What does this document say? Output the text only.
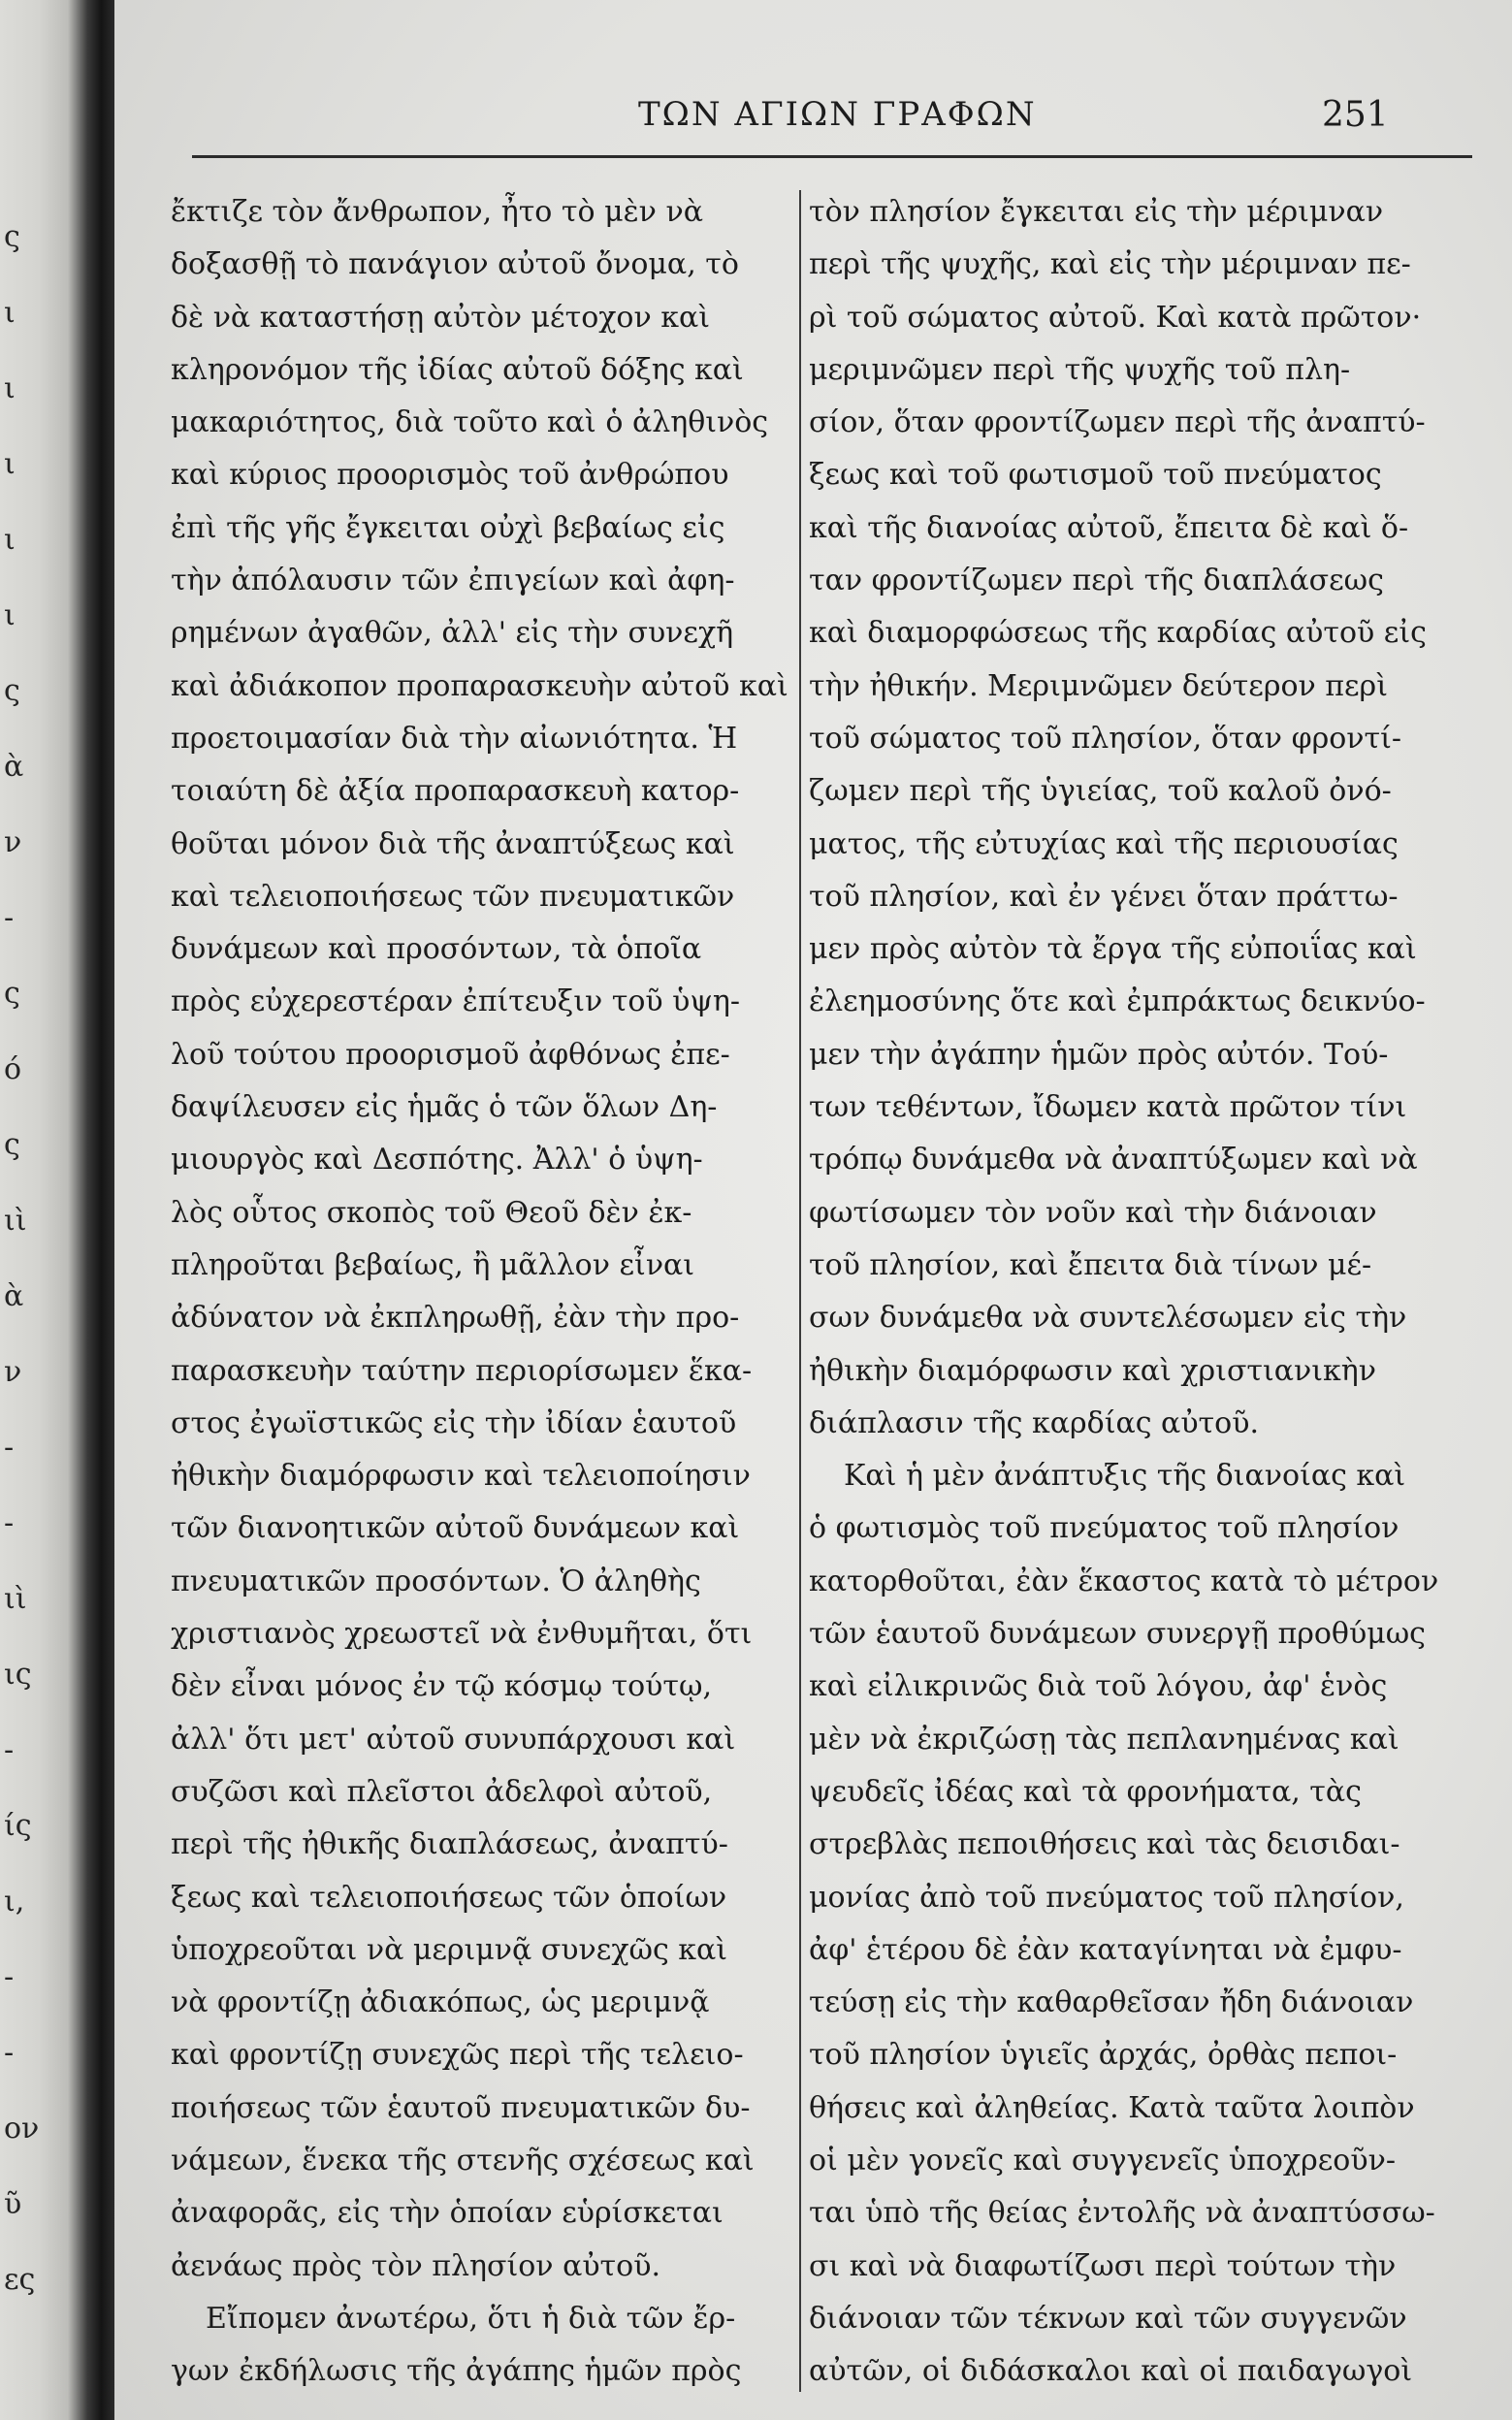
ς
ι
ι
ι
ι
ι
ς
ὰ
ν
-
ς
ό
ς
ιὶ
ὰ
ν
-
-
ιὶ
ις
-
ίς
ι,
-
-
ον
ῦ
ες
ΤΩΝ ΑΓΙΩΝ ΓΡΑΦΩΝ	251
ἔκτιζε τὸν ἄνθρωπον, ἦτο τὸ μὲν νὰ
δοξασθῇ τὸ πανάγιον αὐτοῦ ὄνομα, τὸ
δὲ νὰ καταστήσῃ αὐτὸν μέτοχον καὶ
κληρονόμον τῆς ἰδίας αὐτοῦ δόξης καὶ
μακαριότητος, διὰ τοῦτο καὶ ὁ ἀληθινὸς
καὶ κύριος προορισμὸς τοῦ ἀνθρώπου
ἐπὶ τῆς γῆς ἔγκειται οὐχὶ βεβαίως εἰς
τὴν ἀπόλαυσιν τῶν ἐπιγείων καὶ ἀφη-
ρημένων ἀγαθῶν, ἀλλ' εἰς τὴν συνεχῆ
καὶ ἀδιάκοπον προπαρασκευὴν αὐτοῦ καὶ
προετοιμασίαν διὰ τὴν αἰωνιότητα. Ἡ
τοιαύτη δὲ ἀξία προπαρασκευὴ κατορ-
θοῦται μόνον διὰ τῆς ἀναπτύξεως καὶ
καὶ τελειοποιήσεως τῶν πνευματικῶν
δυνάμεων καὶ προσόντων, τὰ ὁποῖα
πρὸς εὐχερεστέραν ἐπίτευξιν τοῦ ὑψη-
λοῦ τούτου προορισμοῦ ἀφθόνως ἐπε-
δαψίλευσεν εἰς ἡμᾶς ὁ τῶν ὅλων Δη-
μιουργὸς καὶ Δεσπότης. Ἀλλ' ὁ ὑψη-
λὸς οὗτος σκοπὸς τοῦ Θεοῦ δὲν ἐκ-
πληροῦται βεβαίως, ἢ μᾶλλον εἶναι
ἀδύνατον νὰ ἐκπληρωθῇ, ἐὰν τὴν προ-
παρασκευὴν ταύτην περιορίσωμεν ἕκα-
στος ἐγωϊστικῶς εἰς τὴν ἰδίαν ἑαυτοῦ
ἠθικὴν διαμόρφωσιν καὶ τελειοποίησιν
τῶν διανοητικῶν αὐτοῦ δυνάμεων καὶ
πνευματικῶν προσόντων. Ὁ ἀληθὴς
χριστιανὸς χρεωστεῖ νὰ ἐνθυμῆται, ὅτι
δὲν εἶναι μόνος ἐν τῷ κόσμῳ τούτῳ,
ἀλλ' ὅτι μετ' αὐτοῦ συνυπάρχουσι καὶ
συζῶσι καὶ πλεῖστοι ἀδελφοὶ αὐτοῦ,
περὶ τῆς ἠθικῆς διαπλάσεως, ἀναπτύ-
ξεως καὶ τελειοποιήσεως τῶν ὁποίων
ὑποχρεοῦται νὰ μεριμνᾷ συνεχῶς καὶ
νὰ φροντίζῃ ἀδιακόπως, ὡς μεριμνᾷ
καὶ φροντίζῃ συνεχῶς περὶ τῆς τελειο-
ποιήσεως τῶν ἑαυτοῦ πνευματικῶν δυ-
νάμεων, ἕνεκα τῆς στενῆς σχέσεως καὶ
ἀναφορᾶς, εἰς τὴν ὁποίαν εὑρίσκεται
ἀενάως πρὸς τὸν πλησίον αὐτοῦ.
Εἴπομεν ἀνωτέρω, ὅτι ἡ διὰ τῶν ἔρ-
γων ἐκδήλωσις τῆς ἀγάπης ἡμῶν πρὸς
τὸν πλησίον ἔγκειται εἰς τὴν μέριμναν
περὶ τῆς ψυχῆς, καὶ εἰς τὴν μέριμναν πε-
ρὶ τοῦ σώματος αὐτοῦ. Καὶ κατὰ πρῶτον·
μεριμνῶμεν περὶ τῆς ψυχῆς τοῦ πλη-
σίον, ὅταν φροντίζωμεν περὶ τῆς ἀναπτύ-
ξεως καὶ τοῦ φωτισμοῦ τοῦ πνεύματος
καὶ τῆς διανοίας αὐτοῦ, ἔπειτα δὲ καὶ ὅ-
ταν φροντίζωμεν περὶ τῆς διαπλάσεως
καὶ διαμορφώσεως τῆς καρδίας αὐτοῦ εἰς
τὴν ἠθικήν. Μεριμνῶμεν δεύτερον περὶ
τοῦ σώματος τοῦ πλησίον, ὅταν φροντί-
ζωμεν περὶ τῆς ὑγιείας, τοῦ καλοῦ ὀνό-
ματος, τῆς εὐτυχίας καὶ τῆς περιουσίας
τοῦ πλησίον, καὶ ἐν γένει ὅταν πράττω-
μεν πρὸς αὐτὸν τὰ ἔργα τῆς εὐποιΐας καὶ
ἐλεημοσύνης ὅτε καὶ ἐμπράκτως δεικνύο-
μεν τὴν ἀγάπην ἡμῶν πρὸς αὐτόν. Τού-
των τεθέντων, ἴδωμεν κατὰ πρῶτον τίνι
τρόπῳ δυνάμεθα νὰ ἀναπτύξωμεν καὶ νὰ
φωτίσωμεν τὸν νοῦν καὶ τὴν διάνοιαν
τοῦ πλησίον, καὶ ἔπειτα διὰ τίνων μέ-
σων δυνάμεθα νὰ συντελέσωμεν εἰς τὴν
ἠθικὴν διαμόρφωσιν καὶ χριστιανικὴν
διάπλασιν τῆς καρδίας αὐτοῦ.
Καὶ ἡ μὲν ἀνάπτυξις τῆς διανοίας καὶ
ὁ φωτισμὸς τοῦ πνεύματος τοῦ πλησίον
κατορθοῦται, ἐὰν ἕκαστος κατὰ τὸ μέτρον
τῶν ἑαυτοῦ δυνάμεων συνεργῇ προθύμως
καὶ εἰλικρινῶς διὰ τοῦ λόγου, ἀφ' ἑνὸς
μὲν νὰ ἐκριζώσῃ τὰς πεπλανημένας καὶ
ψευδεῖς ἰδέας καὶ τὰ φρονήματα, τὰς
στρεβλὰς πεποιθήσεις καὶ τὰς δεισιδαι-
μονίας ἀπὸ τοῦ πνεύματος τοῦ πλησίον,
ἀφ' ἑτέρου δὲ ἐὰν καταγίνηται νὰ ἐμφυ-
τεύσῃ εἰς τὴν καθαρθεῖσαν ἤδη διάνοιαν
τοῦ πλησίον ὑγιεῖς ἀρχάς, ὀρθὰς πεποι-
θήσεις καὶ ἀληθείας. Κατὰ ταῦτα λοιπὸν
οἱ μὲν γονεῖς καὶ συγγενεῖς ὑποχρεοῦν-
ται ὑπὸ τῆς θείας ἐντολῆς νὰ ἀναπτύσσω-
σι καὶ νὰ διαφωτίζωσι περὶ τούτων τὴν
διάνοιαν τῶν τέκνων καὶ τῶν συγγενῶν
αὐτῶν, οἱ διδάσκαλοι καὶ οἱ παιδαγωγοὶ
